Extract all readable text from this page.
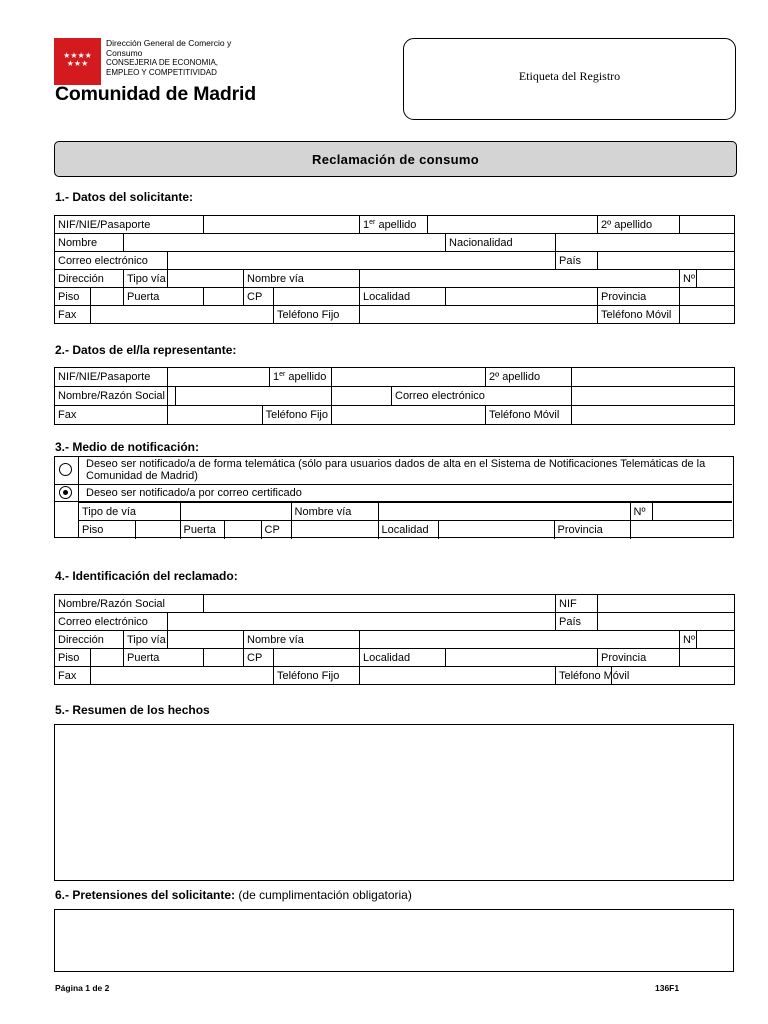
★★★★
★★★
Dirección General de Comercio y Consumo
CONSEJERIA DE ECONOMIA,
EMPLEO Y COMPETITIVIDAD
Comunidad de Madrid
Etiqueta del Registro
Reclamación de consumo
1.- Datos del solicitante:
NIF/NIE/Pasaporte							1er apellido				2º apellido		
Nombre									Nacionalidad				
Correo electrónico										País			
Dirección		Tipo vía			Nombre vía							Nº	
Piso		Puerta			CP		Localidad				Provincia		
Fax						Teléfono Fijo					Teléfono Móvil		
2.- Datos de el/la representante:
NIF/NIE/Pasaporte		1er apellido	2º apellido	

Nombre/Razón Social			Correo electrónico	

Fax	Teléfono Fijo		Teléfono Móvil	

3.- Medio de notificación:
Deseo ser notificado/a de forma telemática (sólo para usuarios dados de alta en el Sistema de Notificaciones Telemáticas de la Comunidad de Madrid)
Deseo ser notificado/a por correo certificado
Tipo de vía					Nombre vía				Nº	
Piso		Puerta		CP		Localidad		Provincia		
4.- Identificación del reclamado:
Nombre/Razón Social									NIF				
Correo electrónico									País				
Dirección		Tipo vía			Nombre vía							Nº	
Piso		Puerta			CP		Localidad			Provincia			
Fax						Teléfono Fijo			Teléfono Móvil				
5.- Resumen de los hechos
6.- Pretensiones del solicitante: (de cumplimentación obligatoria)
Página 1 de 2	136F1
